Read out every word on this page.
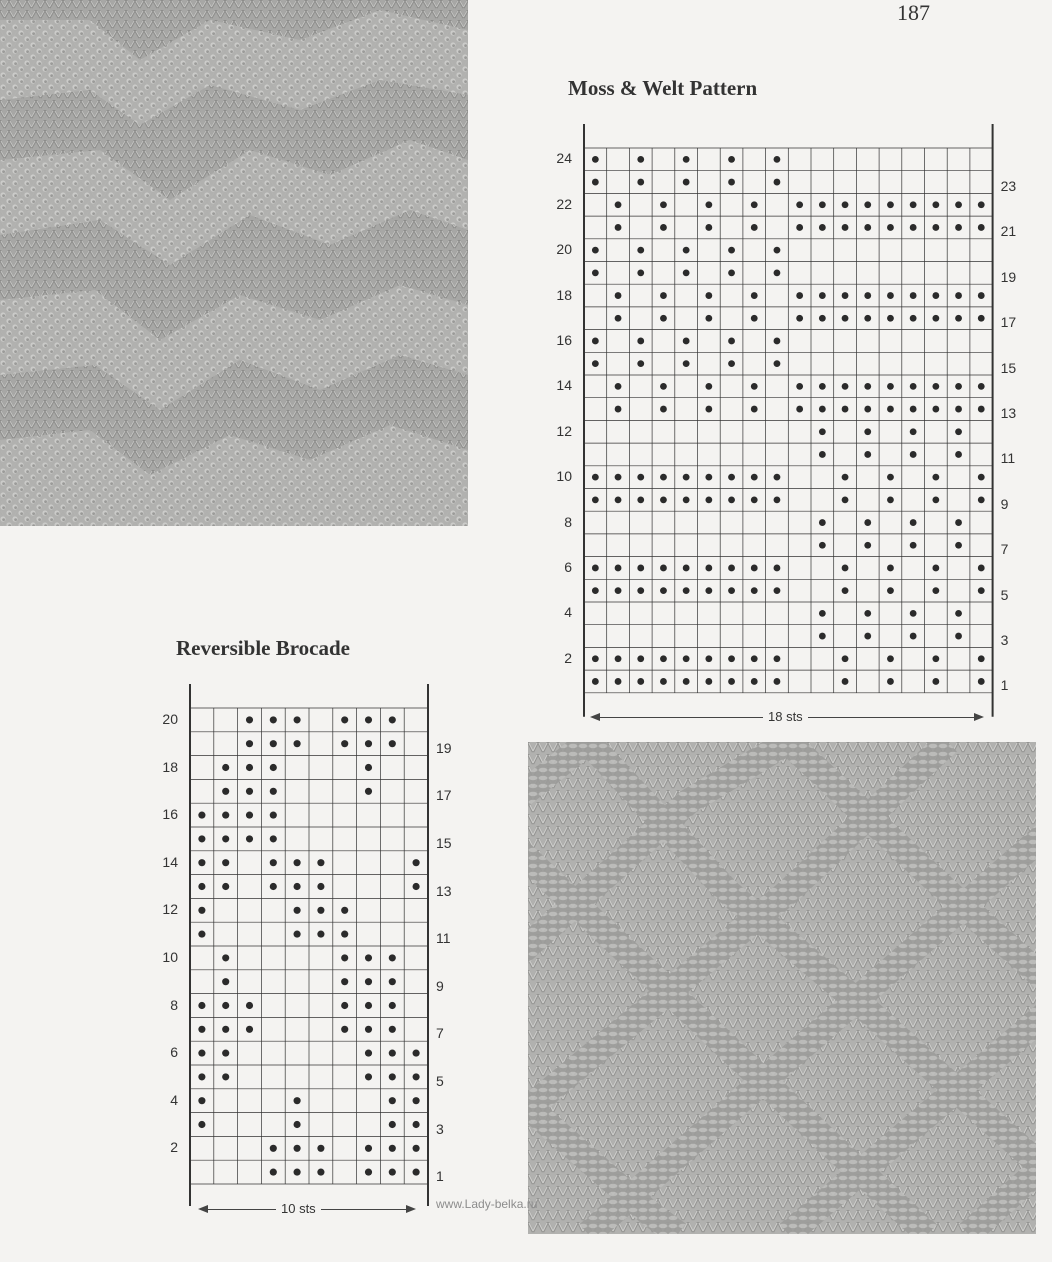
187
Moss & Welt Pattern
24
22
20
18
16
14
12
10
8
6
4
2
23
21
19
17
15
13
11
9
7
5
3
1
18 sts
Reversible Brocade
20
18
16
14
12
10
8
6
4
2
19
17
15
13
11
9
7
5
3
1
10 sts	www.Lady-belka.ru
